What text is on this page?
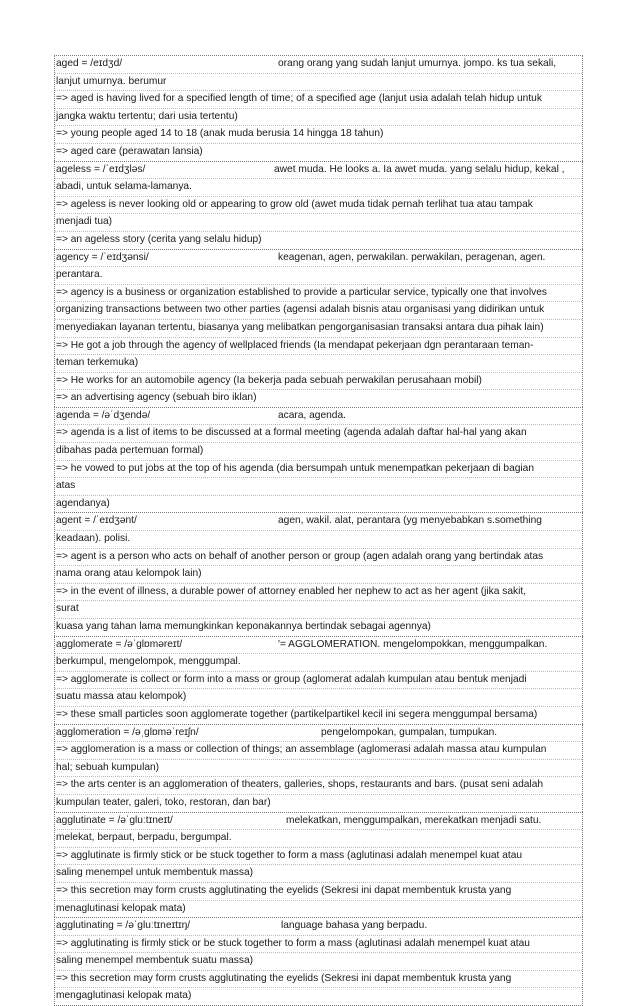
aged = /eɪdʒd/	orang orang yang sudah lanjut umurnya. jompo. ks tua sekali,
lanjut umurnya. berumur
=> aged is having lived for a specified length of time; of a specified age (lanjut usia adalah telah hidup untuk
jangka waktu tertentu; dari usia tertentu)
=> young people aged 14 to 18 (anak muda berusia 14 hingga 18 tahun)
=> aged care (perawatan lansia)
ageless = /ˈeɪdʒləs/	awet muda. He looks a. Ia awet muda. yang selalu hidup, kekal ,
abadi, untuk selama-lamanya.
=> ageless is never looking old or appearing to grow old (awet muda tidak pernah terlihat tua atau tampak
menjadi tua)
=> an ageless story (cerita yang selalu hidup)
agency = /ˈeɪdʒənsi/	keagenan, agen, perwakilan. perwakilan, peragenan, agen.
perantara.
=> agency is a business or organization established to provide a particular service, typically one that involves
organizing transactions between two other parties (agensi adalah bisnis atau organisasi yang didirikan untuk
menyediakan layanan tertentu, biasanya yang melibatkan pengorganisasian transaksi antara dua pihak lain)
=> He got a job through the agency of wellplaced friends (Ia mendapat pekerjaan dgn perantaraan teman-
teman terkemuka)
=> He works for an automobile agency (Ia bekerja pada sebuah perwakilan perusahaan mobil)
=> an advertising agency (sebuah biro iklan)
agenda = /əˈdʒendə/	acara, agenda.
=> agenda is a list of items to be discussed at a formal meeting (agenda adalah daftar hal-hal yang akan
dibahas pada pertemuan formal)
=> he vowed to put jobs at the top of his agenda (dia bersumpah untuk menempatkan pekerjaan di bagian
atas
agendanya)
agent = /ˈeɪdʒənt/	agen, wakil. alat, perantara (yg menyebabkan s.something
keadaan). polisi.
=> agent is a person who acts on behalf of another person or group (agen adalah orang yang bertindak atas
nama orang atau kelompok lain)
=> in the event of illness, a durable power of attorney enabled her nephew to act as her agent (jika sakit,
surat
kuasa yang tahan lama memungkinkan keponakannya bertindak sebagai agennya)
agglomerate = /əˈɡlɒməreɪt/	'= AGGLOMERATION. mengelompokkan, menggumpalkan.
berkumpul, mengelompok, menggumpal.
=> agglomerate is collect or form into a mass or group (aglomerat adalah kumpulan atau bentuk menjadi
suatu massa atau kelompok)
=> these small particles soon agglomerate together (partikelpartikel kecil ini segera menggumpal bersama)
agglomeration = /əˌɡlɒməˈreɪʃn/	pengelompokan, gumpalan, tumpukan.
=> agglomeration is a mass or collection of things; an assemblage (aglomerasi adalah massa atau kumpulan
hal; sebuah kumpulan)
=> the arts center is an agglomeration of theaters, galleries, shops, restaurants and bars. (pusat seni adalah
kumpulan teater, galeri, toko, restoran, dan bar)
agglutinate = /əˈɡluːtɪneɪt/	melekatkan, menggumpalkan, merekatkan menjadi satu.
melekat, berpaut, berpadu, bergumpal.
=> agglutinate is firmly stick or be stuck together to form a mass (aglutinasi adalah menempel kuat atau
saling menempel untuk membentuk massa)
=> this secretion may form crusts agglutinating the eyelids (Sekresi ini dapat membentuk krusta yang
menaglutinasi kelopak mata)
agglutinating = /əˈɡluːtɪneɪtɪŋ/	language bahasa yang berpadu.
=> agglutinating is firmly stick or be stuck together to form a mass (aglutinasi adalah menempel kuat atau
saling menempel membentuk suatu massa)
=> this secretion may form crusts agglutinating the eyelids (Sekresi ini dapat membentuk krusta yang
mengaglutinasi kelopak mata)
